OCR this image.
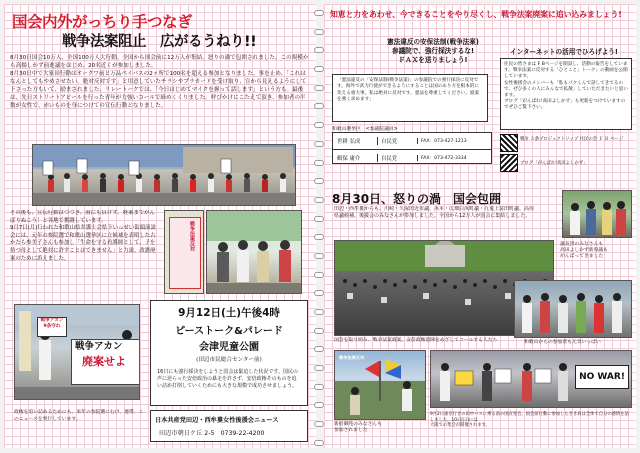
国会内外がっちり手つなぎ
戦争法案阻止　広がるうねり!!
8月30日国会10万人、全国100万人大行動。全国から国会前に12万人が集結。怒りの渦で包囲されました。この規模から高揚しかず前進議をはじめ、20名近くが参加しました。
8月30日中で大家田行動はオークワ前と万品ペイパスの2ヶ所で100名を超える参加となりました。事を止め、「これはなんとしてもやめさせたい、絶対反対です」と用意していたチラシやプラカードを受け取り、宣から見えるようにして下さった方もいて、励まされました。リレートークでは、「今日はじめてマイクを握って話します」という方も。最後は、先日ストリートアピールを行った青年が力強いコールで締めくくりました。呼びかけにこたえて頂き、参加者の半数が女性で、赤いものを身につけての宣伝行動となりました。
その後も、宣伝行動はつづき、雨にも負けず、廃案までがんばりぬこう！と各地で奮闘しています。
9月7日(月)行われた和歌山県弁護士会県下いっせい街頭演説会には、元年の参院選で和歌山選挙区に立候補を表明した古かたら参美子さんも参加し「生命を守る看護師として、子を持つ母として絶対に許すことはできません」と力説、改憲廃案のために訴えました。
戦争法案反対
戦争アカン
9条守れ
戦争アカン
廃案せよ
9月12日(土)午後4時
ピーストーク&パレード
会津児童公園
(田辺市民総合センター前)
16日にも強行採決をしようと国会は緊迫した状況です。国民の声に逆らった安倍政治の暴走を許さず、安倍政権そのものを追い詰め打倒していくためにも大きな規模で成功させましょう。
政権を追い詰めるためにも、来年の参院選にむけ、連帯、このニュースを発行しています。	日本共産党田辺・西牟婁女性後援会ニュース
田辺市朝日ケ丘 2-5　0739-22-4200
知恵と力をあわせ、今できることをやり尽くし、戦争法案廃案に追い込みましょう!
憲法違反の安保法制(戦争法案)
参議院で、強行採決するな!
ＦＡＸを送りましょう!
「憲法違反の「安保法制(戦争法案)」の参議院での強行採決に反対です。海外で武力行使ができるようにすることは国のあり方を根本的に変える重大事。私は絶対に反対です。憲法を尊重してください。廃案を強く求めます」
和歌山選挙区　<参議院議員>
世耕 弘成	自民党	FAX：073-427-1213
鶴保 庸介	自民党	FAX：073-472-3334
インターネットの活用でひろげよう!
住民の皆さまは F Bページを開設し、活動の報告をしています。戦争法案に反対する「ひとこと」トーク」の動画を公開しています。
女性後援会のメンバーも「私もパクくんで話してきてるので、ぜひ多くの人にみんなで拡散」していただきたいと思います。
ブログ「がんばれ!高田よしかず」も更新をつけていますのでぜひご覧下さい。
戦争 ３条プロジェクトリップ 住民の会 Ｆ Ｂ ページ
ブログ「がんばれ!高田よしかず」
8月30日、怒りの渦　国会包囲
田辺・西牟婁からも、川崎・久保田近市議、浜本・広畑白浜町議・九鬼上富田町議、高垣県議候補、後援会のみなさんが参加しました。全国から12万人が国会に集結しました。
議長団のみなさんも
高田よしかず新県議も
がんばってきました
国会を取り囲み、戦争法案廃案、安倍政権退陣をめざしてコールする人たち	和歌山からの参加者も元気いっぱい
戦争法案反対
新宿御苑のみなさんも
参加されました
NO WAR!
9月2日東京行きの田中バスに乗る前の国宣発音。国会前行動に参加したきき肩は全体で自分の感情を話しました。10日(日)には
大阪での集会が開催されます。
